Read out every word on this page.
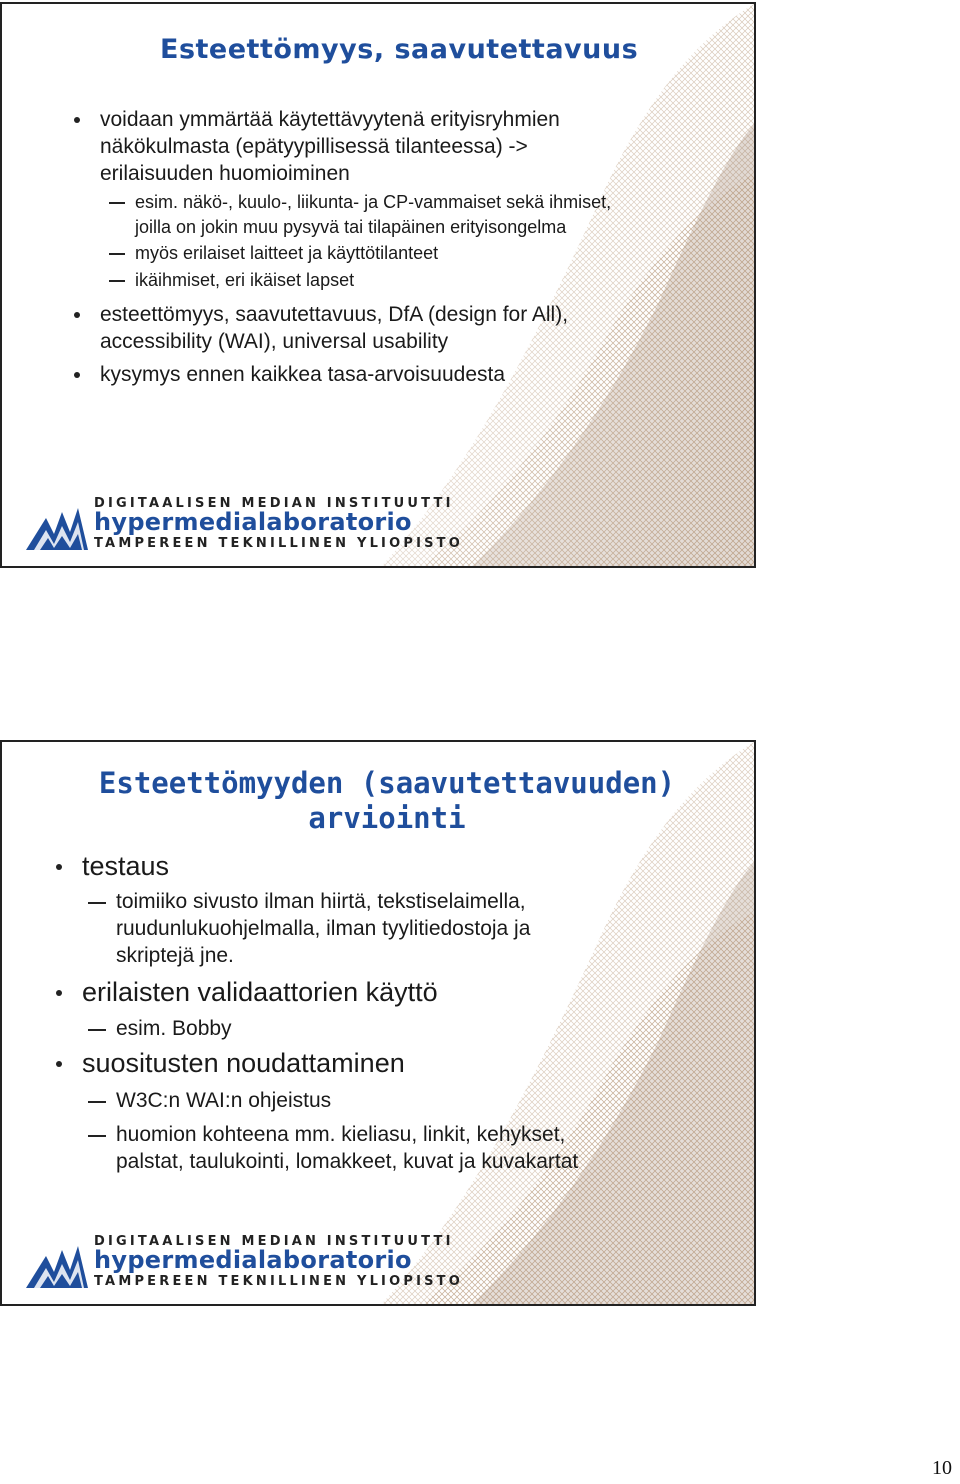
Esteettömyys, saavutettavuus
voidaan ymmärtää käytettävyytenä erityisryhmien
näkökulmasta (epätyypillisessä tilanteessa) ->
erilaisuuden huomioiminen
esim. näkö-, kuulo-, liikunta- ja CP-vammaiset sekä ihmiset,
joilla on jokin muu pysyvä tai tilapäinen erityisongelma
myös erilaiset laitteet ja käyttötilanteet
ikäihmiset, eri ikäiset lapset
esteettömyys, saavutettavuus, DfA (design for All),
accessibility (WAI), universal usability
kysymys ennen kaikkea tasa-arvoisuudesta
DIGITAALISEN MEDIAN INSTITUUTTI
hypermedialaboratorio
TAMPEREEN TEKNILLINEN YLIOPISTO
Esteettömyyden (saavutettavuuden)
arviointi
testaus
toimiiko sivusto ilman hiirtä, tekstiselaimella,
ruudunlukuohjelmalla, ilman tyylitiedostoja ja
skriptejä jne.
erilaisten validaattorien käyttö
esim. Bobby
suositusten noudattaminen
W3C:n WAI:n ohjeistus
huomion kohteena mm. kieliasu, linkit, kehykset,
palstat, taulukointi, lomakkeet, kuvat ja kuvakartat
DIGITAALISEN MEDIAN INSTITUUTTI
hypermedialaboratorio
TAMPEREEN TEKNILLINEN YLIOPISTO
10
